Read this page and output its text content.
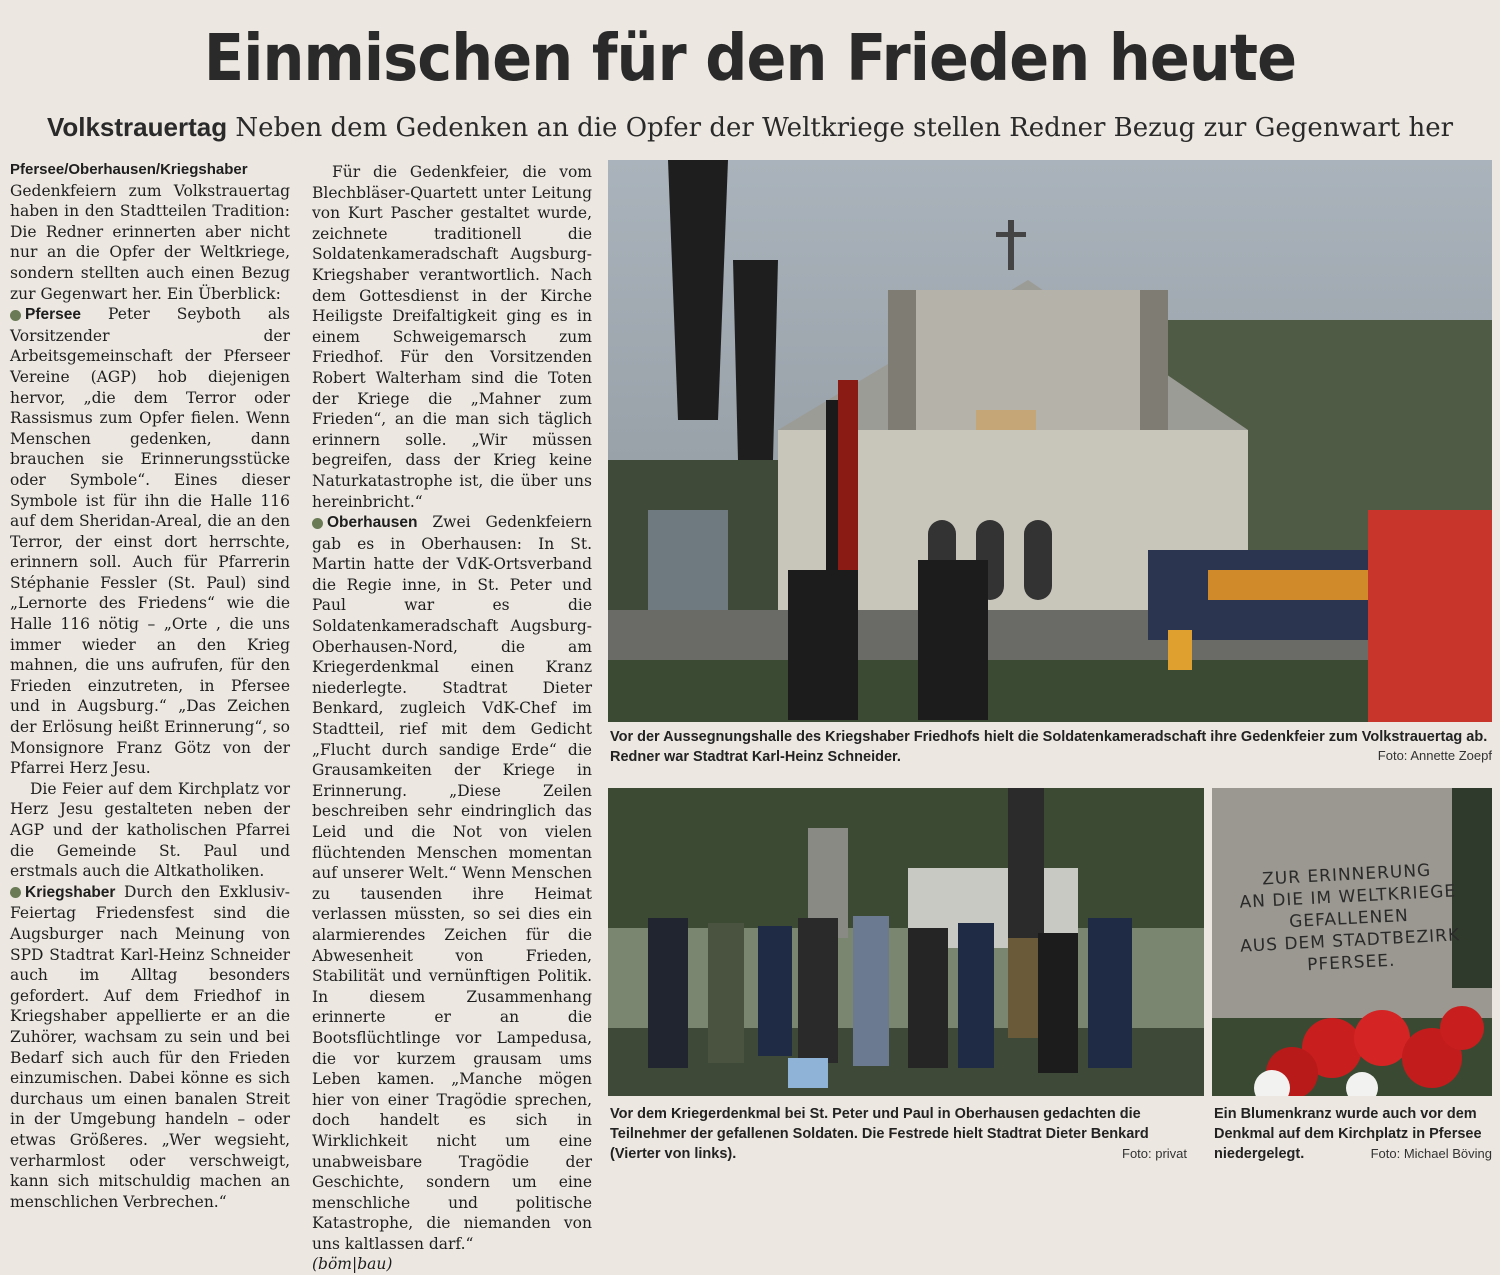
Einmischen für den Frieden heute
Volkstrauertag Neben dem Gedenken an die Opfer der Weltkriege stellen Redner Bezug zur Gegenwart her
Pfersee/Oberhausen/Kriegshaber

Gedenkfeiern zum Volkstrauertag haben in den Stadtteilen Tradition: Die Redner erinnerten aber nicht nur an die Opfer der Weltkriege, sondern stellten auch einen Bezug zur Gegenwart her. Ein Überblick:

Pfersee Peter Seyboth als Vorsitzender der Arbeitsgemeinschaft der Pferseer Vereine (AGP) hob diejenigen hervor, „die dem Terror oder Rassismus zum Opfer fielen. Wenn Menschen gedenken, dann brauchen sie Erinnerungsstücke oder Symbole“. Eines dieser Symbole ist für ihn die Halle 116 auf dem Sheridan-Areal, die an den Terror, der einst dort herrschte, erinnern soll. Auch für Pfarrerin Stéphanie Fessler (St. Paul) sind „Lernorte des Friedens“ wie die Halle 116 nötig – „Orte , die uns immer wieder an den Krieg mahnen, die uns aufrufen, für den Frieden einzutreten, in Pfersee und in Augsburg.“ „Das Zeichen der Erlösung heißt Erinnerung“, so Monsignore Franz Götz von der Pfarrei Herz Jesu.

Die Feier auf dem Kirchplatz vor Herz Jesu gestalteten neben der AGP und der katholischen Pfarrei die Gemeinde St. Paul und erstmals auch die Altkatholiken.

Kriegshaber Durch den Exklusiv-Feiertag Friedensfest sind die Augsburger nach Meinung von SPD Stadtrat Karl-Heinz Schneider auch im Alltag besonders gefordert. Auf dem Friedhof in Kriegshaber appellierte er an die Zuhörer, wachsam zu sein und bei Bedarf sich auch für den Frieden einzumischen. Dabei könne es sich durchaus um einen banalen Streit in der Umgebung handeln – oder etwas Größeres. „Wer wegsieht, verharmlost oder verschweigt, kann sich mitschuldig machen an menschlichen Verbrechen.“

Für die Gedenkfeier, die vom Blechbläser-Quartett unter Leitung von Kurt Pascher gestaltet wurde, zeichnete traditionell die Soldatenkameradschaft Augsburg-Kriegshaber verantwortlich. Nach dem Gottesdienst in der Kirche Heiligste Dreifaltigkeit ging es in einem Schweigemarsch zum Friedhof. Für den Vorsitzenden Robert Walterham sind die Toten der Kriege die „Mahner zum Frieden“, an die man sich täglich erinnern solle. „Wir müssen begreifen, dass der Krieg keine Naturkatastrophe ist, die über uns hereinbricht.“

Oberhausen Zwei Gedenkfeiern gab es in Oberhausen: In St. Martin hatte der VdK-Ortsverband die Regie inne, in St. Peter und Paul war es die Soldatenkameradschaft Augsburg-Oberhausen-Nord, die am Kriegerdenkmal einen Kranz niederlegte. Stadtrat Dieter Benkard, zugleich VdK-Chef im Stadtteil, rief mit dem Gedicht „Flucht durch sandige Erde“ die Grausamkeiten der Kriege in Erinnerung. „Diese Zeilen beschreiben sehr eindringlich das Leid und die Not von vielen flüchtenden Menschen momentan auf unserer Welt.“ Wenn Menschen zu tausenden ihre Heimat verlassen müssten, so sei dies ein alarmierendes Zeichen für die Abwesenheit von Frieden, Stabilität und vernünftigen Politik. In diesem Zusammenhang erinnerte er an die Bootsflüchtlinge vor Lampedusa, die vor kurzem grausam ums Leben kamen. „Manche mögen hier von einer Tragödie sprechen, doch handelt es sich in Wirklichkeit nicht um eine unabweisbare Tragödie der Geschichte, sondern um eine menschliche und politische Katastrophe, die niemanden von uns kaltlassen darf.“

(böm|bau)

Vor der Aussegnungshalle des Kriegshaber Friedhofs hielt die Soldatenkameradschaft ihre Gedenkfeier zum Volkstrauertag ab. Redner war Stadtrat Karl-Heinz Schneider.	Foto: Annette Zoepf
Vor dem Kriegerdenkmal bei St. Peter und Paul in Oberhausen gedachten die Teilnehmer der gefallenen Soldaten. Die Festrede hielt Stadtrat Dieter Benkard (Vierter von links).	Foto: privat
ZUR ERINNERUNG
AN DIE IM WELTKRIEGE
GEFALLENEN
AUS DEM STADTBEZIRK
PFERSEE.
Ein Blumenkranz wurde auch vor dem Denkmal auf dem Kirchplatz in Pfersee niedergelegt.	Foto: Michael Böving
